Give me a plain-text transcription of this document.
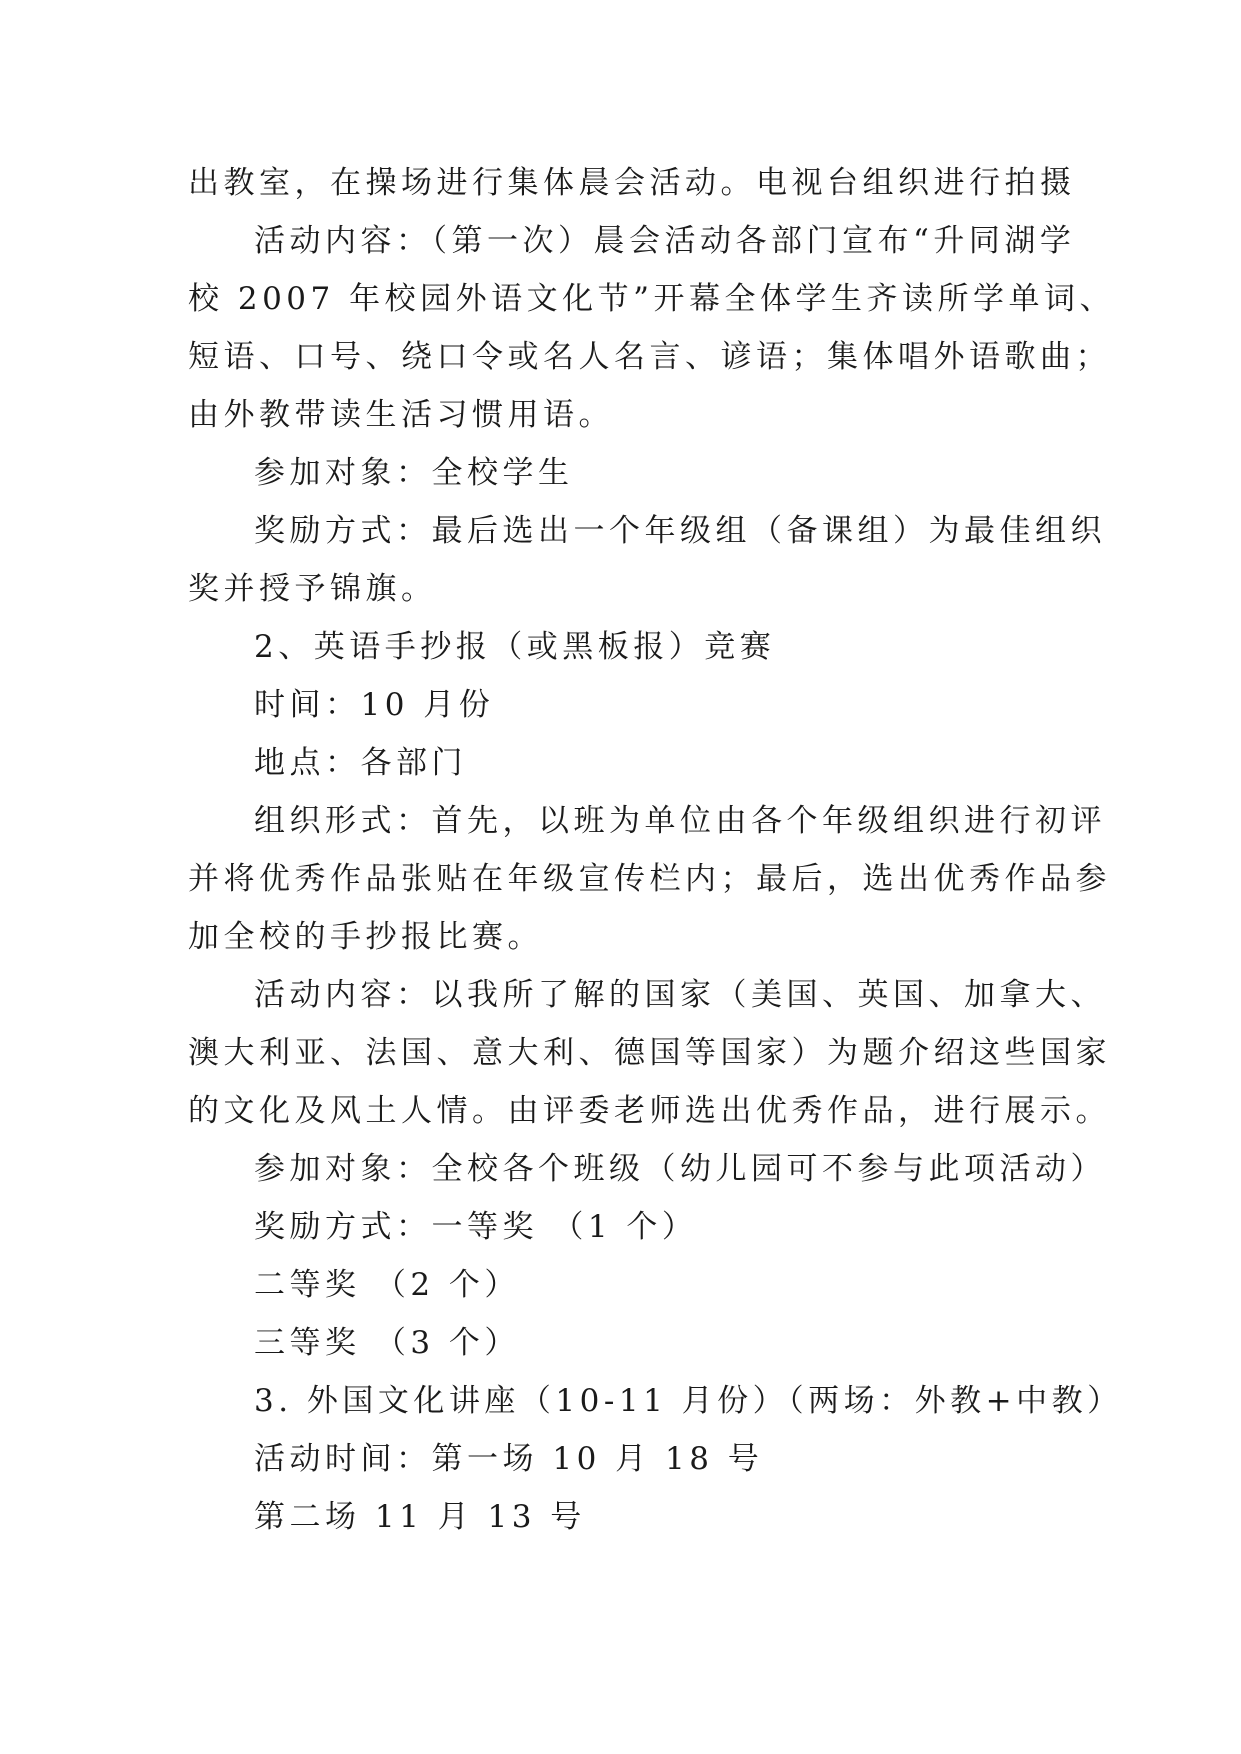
出教室，在操场进行集体晨会活动。电视台组织进行拍摄
活动内容：（第一次）晨会活动各部门宣布“升同湖学
校 2007 年校园外语文化节”开幕全体学生齐读所学单词、
短语、口号、绕口令或名人名言、谚语；集体唱外语歌曲；
由外教带读生活习惯用语。
参加对象：全校学生
奖励方式：最后选出一个年级组（备课组）为最佳组织
奖并授予锦旗。
2、英语手抄报（或黑板报）竞赛
时间：10 月份
地点：各部门
组织形式：首先，以班为单位由各个年级组织进行初评
并将优秀作品张贴在年级宣传栏内；最后，选出优秀作品参
加全校的手抄报比赛。
活动内容：以我所了解的国家（美国、英国、加拿大、
澳大利亚、法国、意大利、德国等国家）为题介绍这些国家
的文化及风土人情。由评委老师选出优秀作品，进行展示。
参加对象：全校各个班级（幼儿园可不参与此项活动）
奖励方式：一等奖 （1 个）
二等奖 （2 个）
三等奖 （3 个）
3. 外国文化讲座（10-11 月份）（两场：外教+中教）
活动时间：第一场 10 月 18 号
第二场 11 月 13 号
